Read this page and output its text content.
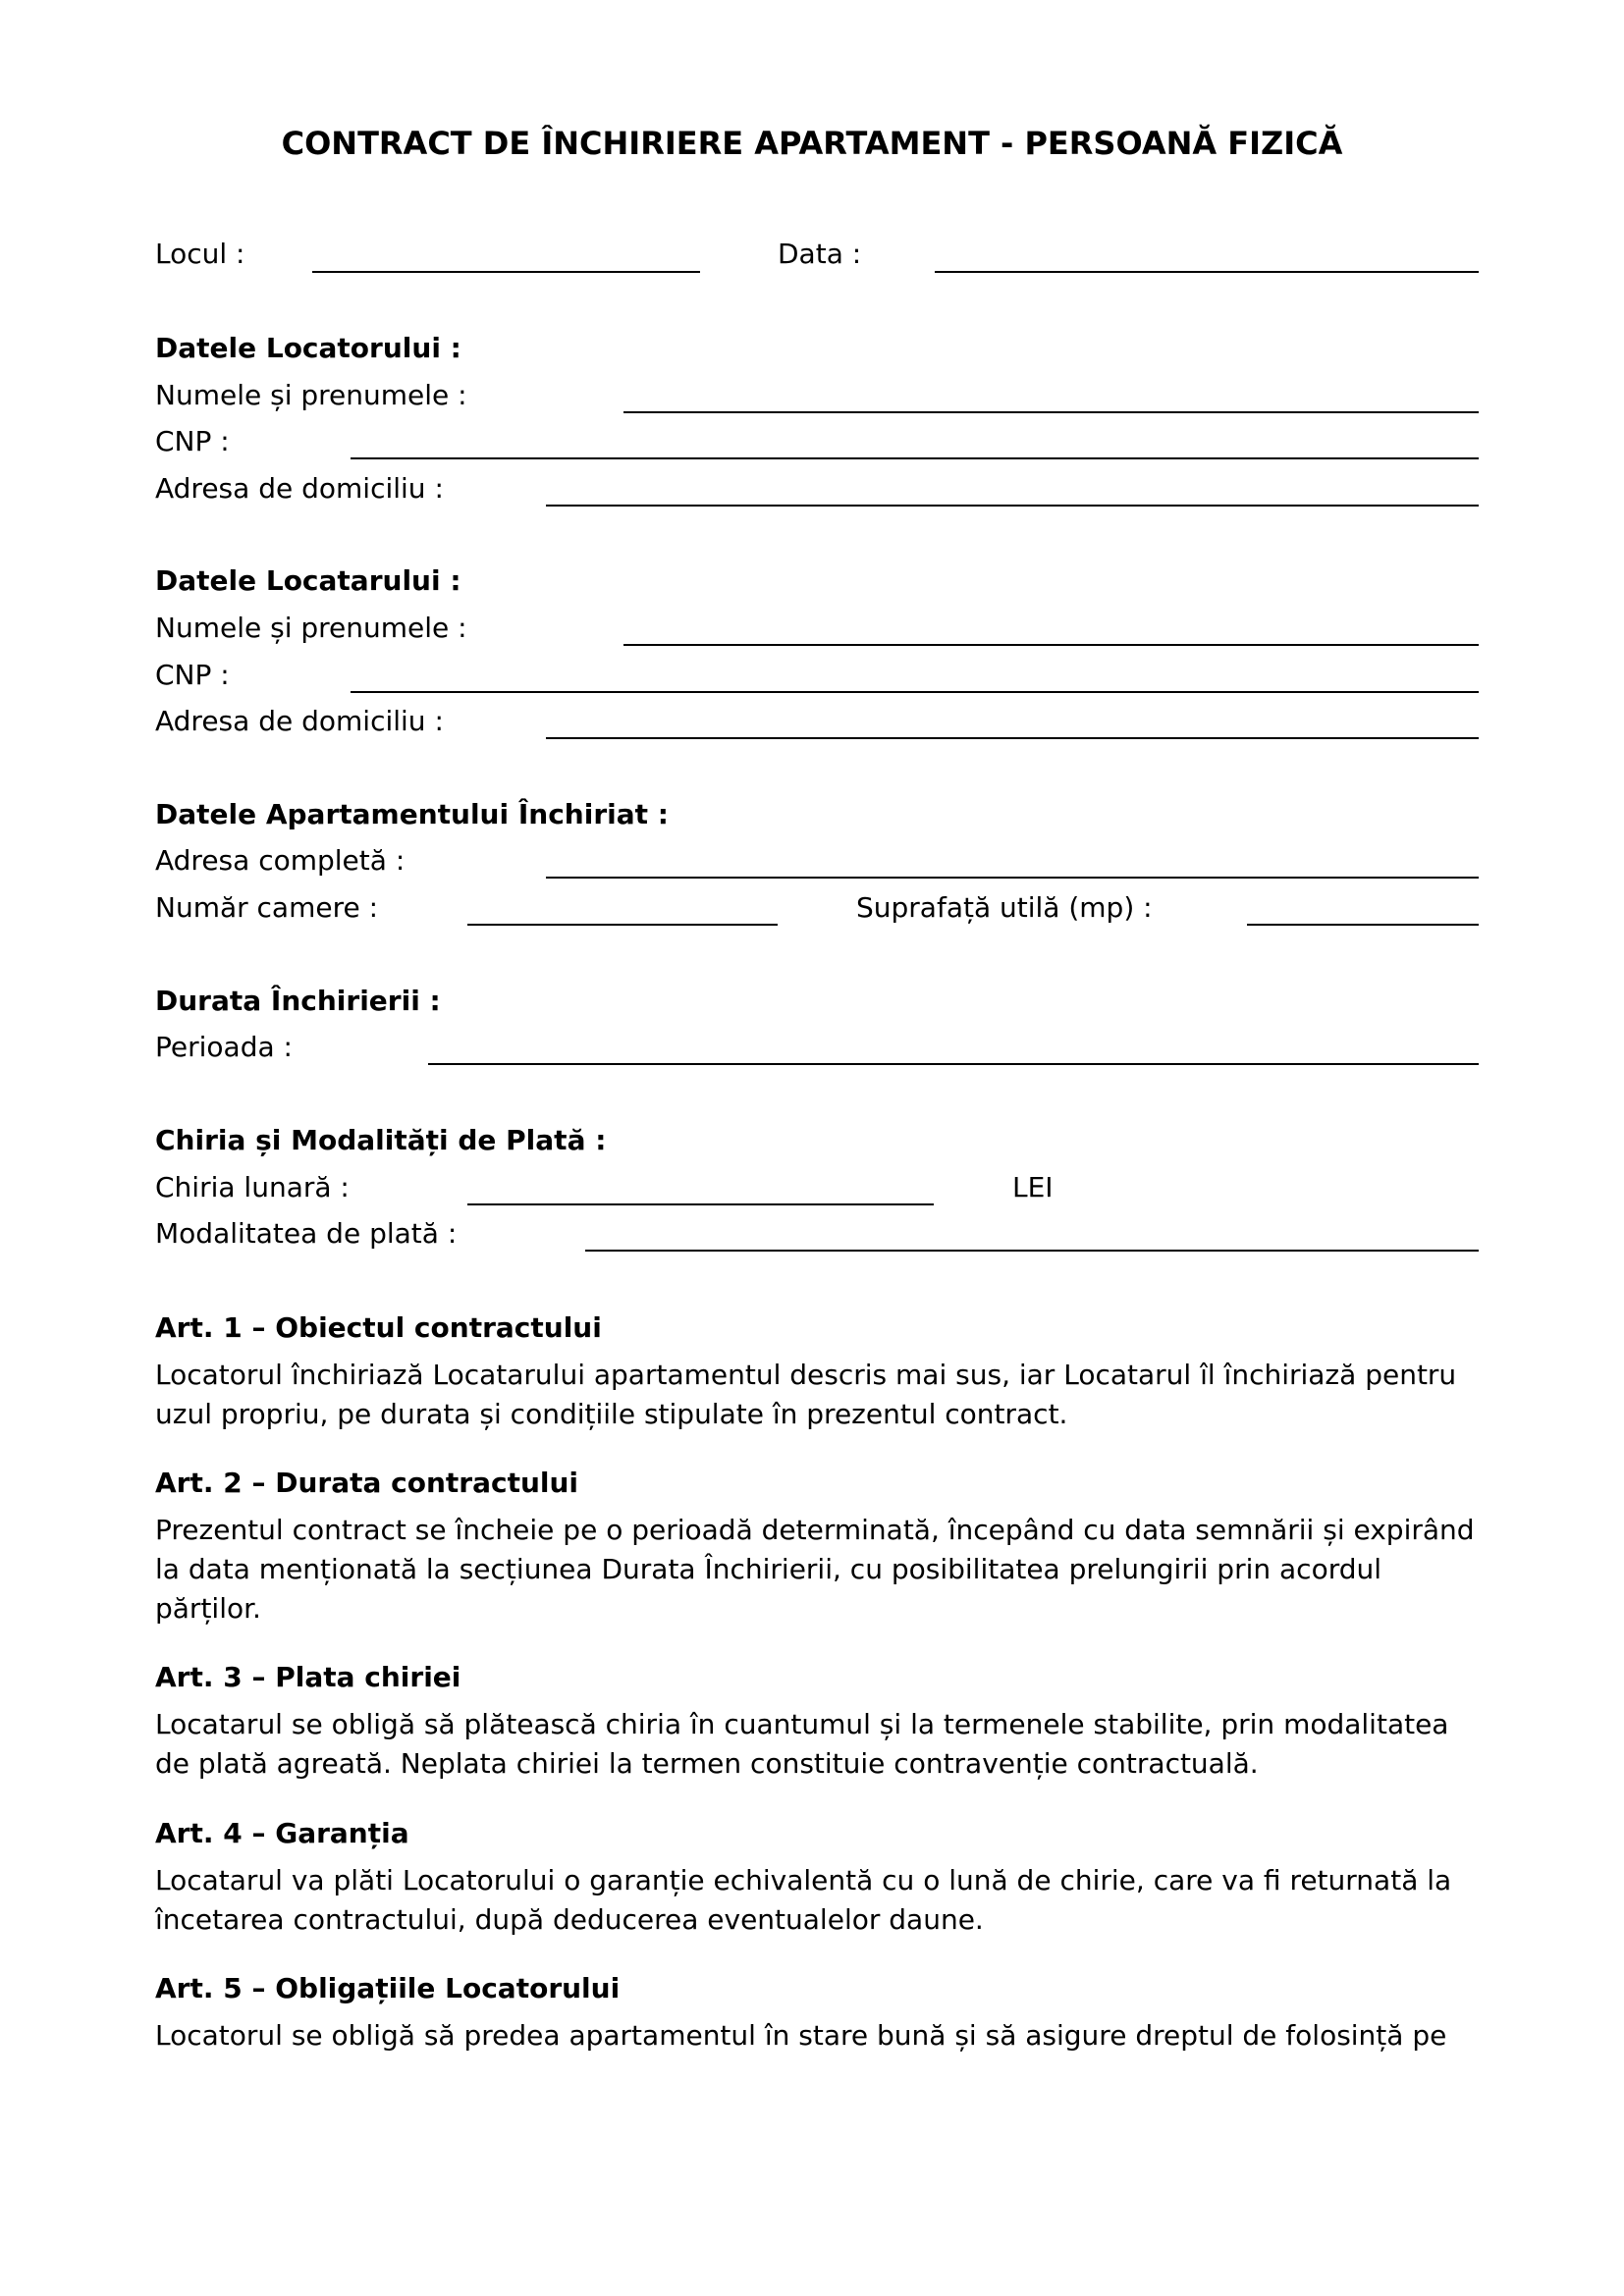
CONTRACT DE ÎNCHIRIERE APARTAMENT - PERSOANĂ FIZICĂ
Locul :	Data :
Datele Locatorului :
Numele și prenumele :
CNP :
Adresa de domiciliu :
Datele Locatarului :
Numele și prenumele :
CNP :
Adresa de domiciliu :
Datele Apartamentului Închiriat :
Adresa completă :
Număr camere :	Suprafață utilă (mp) :
Durata Închirierii :
Perioada :
Chiria și Modalități de Plată :
Chiria lunară :	LEI
Modalitatea de plată :
Art. 1 – Obiectul contractului
Locatorul închiriază Locatarului apartamentul descris mai sus, iar Locatarul îl închiriază pentru uzul propriu, pe durata și condițiile stipulate în prezentul contract.
Art. 2 – Durata contractului
Prezentul contract se încheie pe o perioadă determinată, începând cu data semnării și expirând la data menționată la secțiunea Durata Închirierii, cu posibilitatea prelungirii prin acordul părților.
Art. 3 – Plata chiriei
Locatarul se obligă să plătească chiria în cuantumul și la termenele stabilite, prin modalitatea de plată agreată. Neplata chiriei la termen constituie contravenție contractuală.
Art. 4 – Garanția
Locatarul va plăti Locatorului o garanție echivalentă cu o lună de chirie, care va fi returnată la încetarea contractului, după deducerea eventualelor daune.
Art. 5 – Obligațiile Locatorului
Locatorul se obligă să predea apartamentul în stare bună și să asigure dreptul de folosință pe
